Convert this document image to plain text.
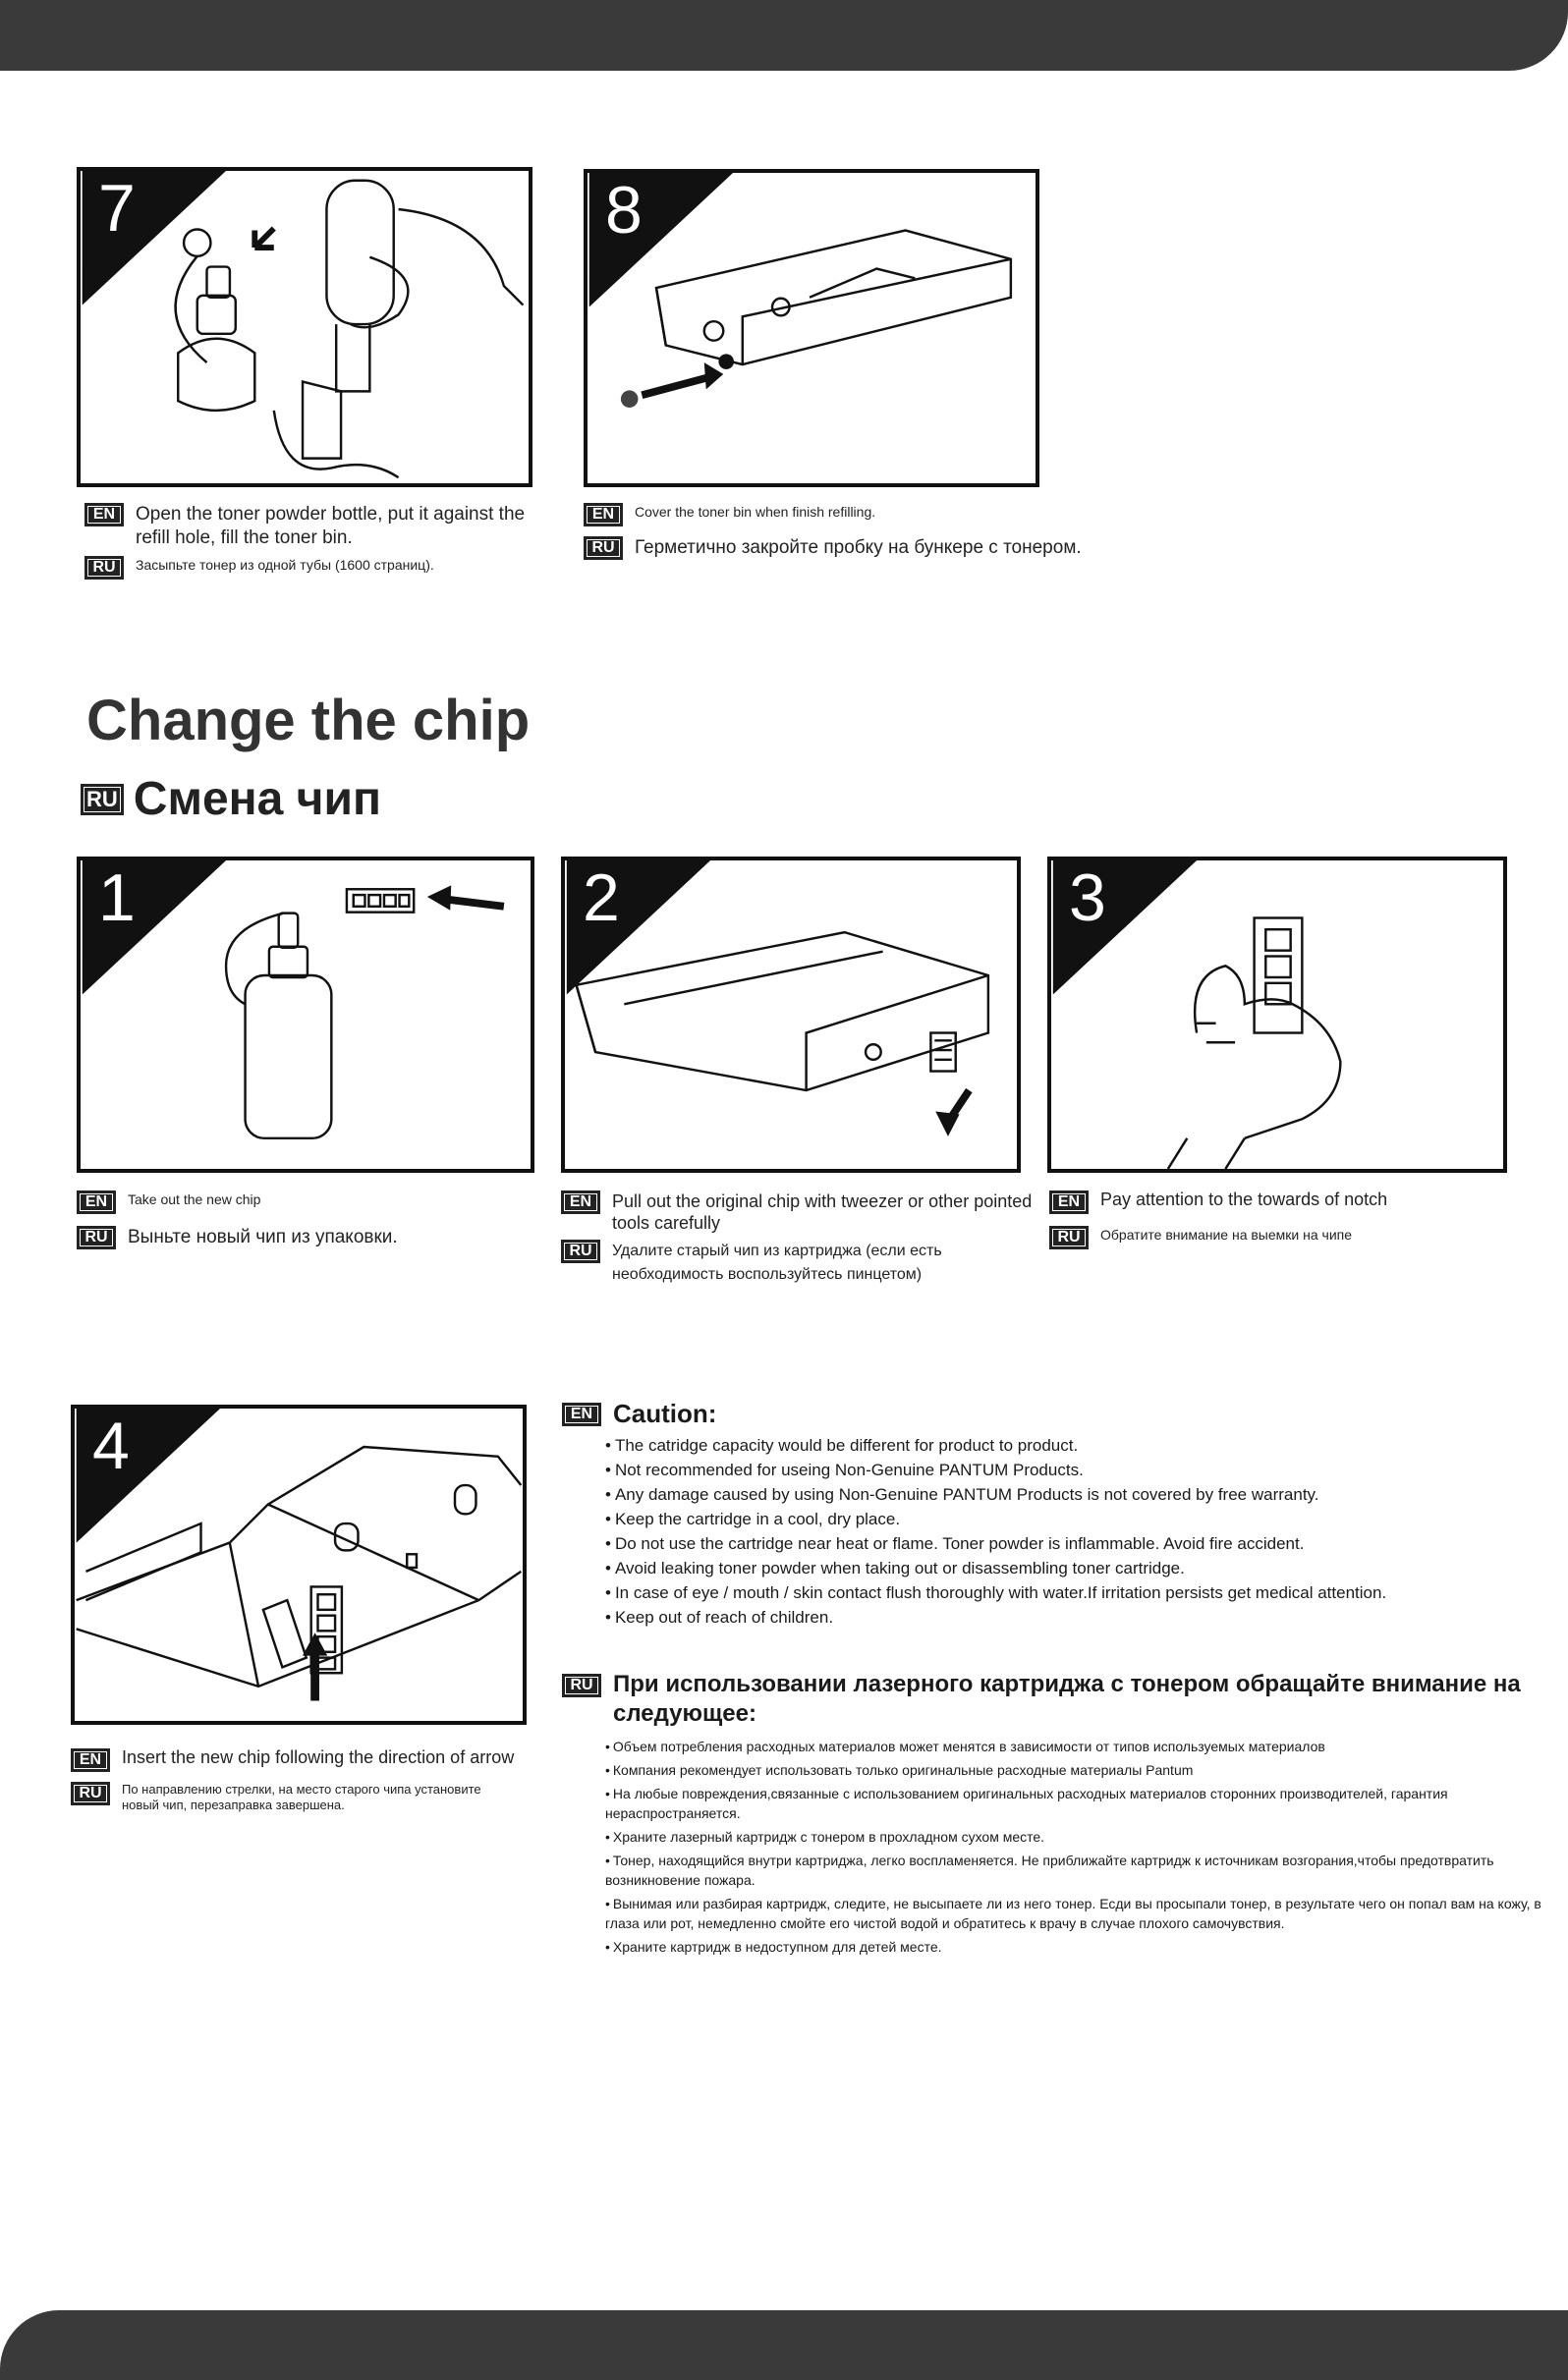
7
EN	Open the toner powder bottle, put it against the refill hole, fill the toner bin.
RU	Засыпьте тонер из одной тубы (1600 страниц).
8
EN	Cover the toner bin when finish refilling.
RU	Герметично закройте пробку на бункере с тонером.
Change the chip
RU Смена чип
1
EN	Take out the new chip
RU	Выньте новый чип из упаковки.
2
EN	Pull out the original chip with tweezer or other pointed tools carefully
RU	Удалите старый чип из картриджа (если есть необходимость воспользуйтесь пинцетом)
3
EN	Pay attention to the towards of notch
RU	Обратите внимание на выемки на чипе
4
EN	Insert the new chip following the direction of arrow
RU	По направлению стрелки, на место старого чипа установите новый чип, перезаправка завершена.
EN Caution:
• The catridge capacity would be different for product to product.
• Not recommended for useing Non-Genuine PANTUM Products.
• Any damage caused by using Non-Genuine PANTUM Products is not covered by free warranty.
• Keep the cartridge in a cool, dry place.
• Do not use the cartridge near heat or flame. Toner powder is inflammable. Avoid fire accident.
• Avoid leaking toner powder when taking out or disassembling toner cartridge.
• In case of eye / mouth / skin contact flush thoroughly with water.If irritation persists get medical attention.
• Keep out of reach of children.
RU При использовании лазерного картриджа с тонером обращайте внимание на следующее:
• Объем потребления расходных материалов может менятся в зависимости от типов используемых материалов
• Компания рекомендует использовать только оригинальные расходные материалы Pantum
• На любые повреждения,связанные с использованием оригинальных расходных материалов сторонних производителей, гарантия нераспространяется.
• Храните лазерный картридж с тонером в прохладном сухом месте.
• Тонер, находящийся внутри картриджа, легко воспламеняется. Не приближайте картридж к источникам возгорания,чтобы предотвратить возникновение пожара.
• Вынимая или разбирая картридж, следите, не высыпаете ли из него тонер. Есди вы просыпали тонер, в результате чего он попал вам на кожу, в глаза или рот, немедленно смойте его чистой водой и обратитесь к врачу в случае плохого самочувствия.
• Храните картридж в недоступном для детей месте.
